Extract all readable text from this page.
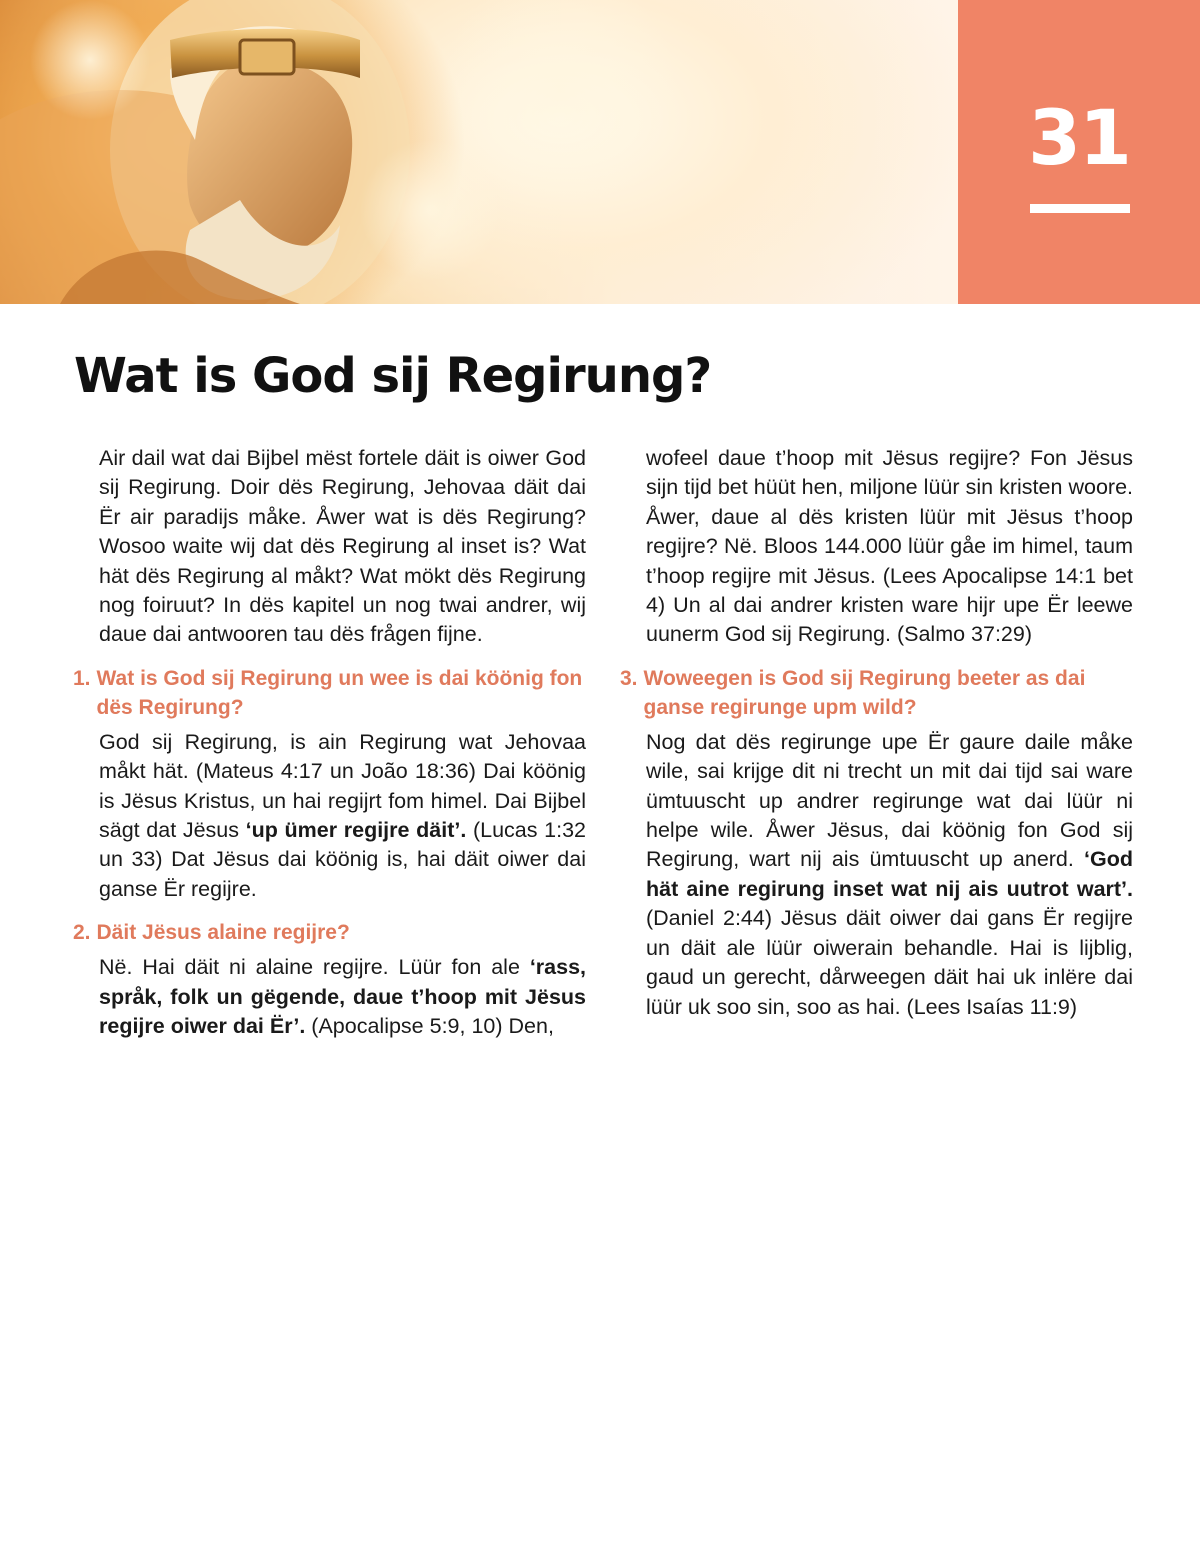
31
Wat is God sij Regirung?

Air dail wat dai Bijbel mëst fortele däit is oiwer God sij Regirung. Doir dës Regirung, Jehovaa däit dai Ër air paradijs måke. Åwer wat is dës Regirung? Wosoo waite wij dat dës Regirung al inset is? Wat hät dës Regirung al måkt? Wat mökt dës Regirung nog foiruut? In dës kapitel un nog twai andrer, wij daue dai antwooren tau dës frågen fijne.

1. Wat is God sij Regirung un wee is dai köönig fon dës Regirung?

God sij Regirung, is ain Regirung wat Jehovaa måkt hät. (Mateus 4:17 un João 18:36) Dai köönig is Jësus Kristus, un hai regijrt fom himel. Dai Bijbel sägt dat Jësus ‘up ümer regijre däit’. (Lucas 1:32 un 33) Dat Jësus dai köönig is, hai däit oiwer dai ganse Ër regijre.

2. Däit Jësus alaine regijre?

Në. Hai däit ni alaine regijre. Lüür fon ale ‘rass, språk, folk un gëgende, daue t’hoop mit Jësus regijre oiwer dai Ër’. (Apocalipse 5:9, 10) Den,

wofeel daue t’hoop mit Jësus regijre? Fon Jësus sijn tijd bet hüüt hen, miljone lüür sin kristen woore. Åwer, daue al dës kristen lüür mit Jësus t’hoop regijre? Në. Bloos 144.000 lüür gåe im himel, taum t’hoop regijre mit Jësus. (Lees Apocalipse 14:1 bet 4) Un al dai andrer kristen ware hijr upe Ër leewe uunerm God sij Regirung. (Salmo 37:29)

3. Woweegen is God sij Regirung beeter as dai ganse regirunge upm wild?

Nog dat dës regirunge upe Ër gaure daile måke wile, sai krijge dit ni trecht un mit dai tijd sai ware ümtuuscht up andrer regirunge wat dai lüür ni helpe wile. Åwer Jësus, dai köönig fon God sij Regirung, wart nij ais ümtuuscht up anerd. ‘God hät aine regirung inset wat nij ais uutrot wart’. (Daniel 2:44) Jësus däit oiwer dai gans Ër regijre un däit ale lüür oiwerain behandle. Hai is lijblig, gaud un gerecht, dårweegen däit hai uk inlëre dai lüür uk soo sin, soo as hai. (Lees Isaías 11:9)
